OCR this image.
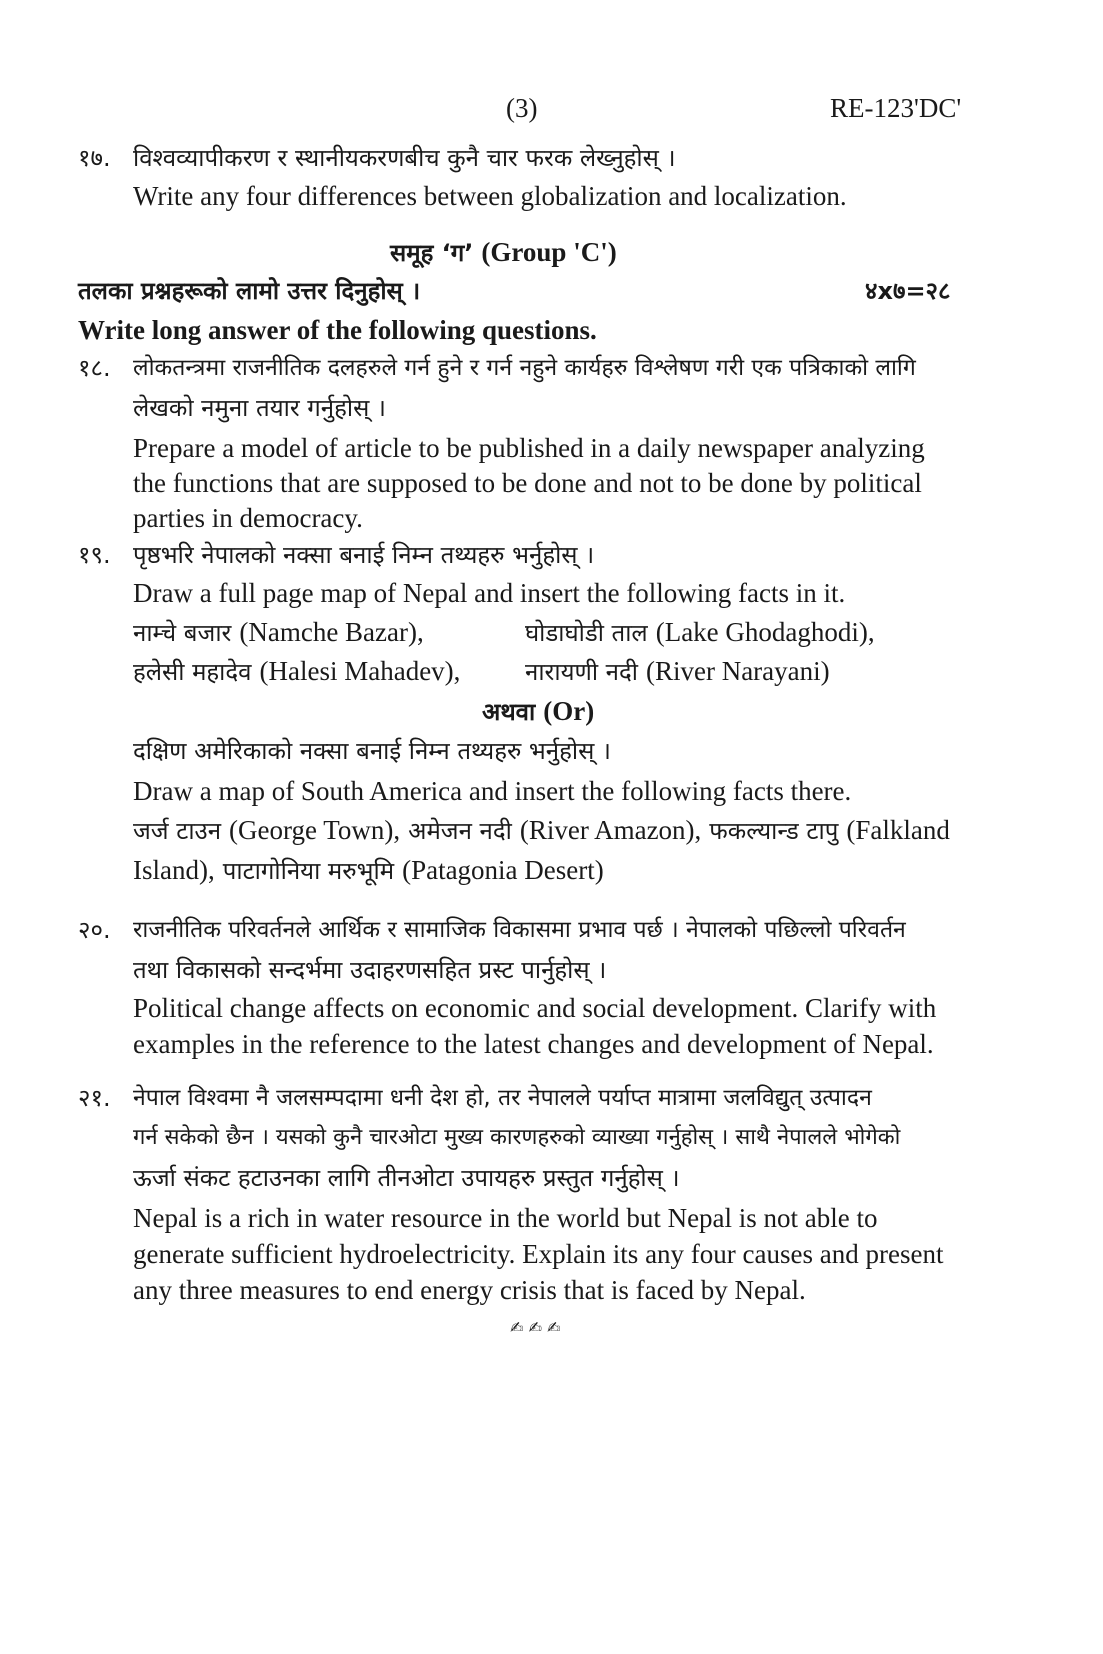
(3)	RE-123'DC'
१७. विश्वव्यापीकरण र स्थानीयकरणबीच कुनै चार फरक लेख्नुहोस् ।
Write any four differences between globalization and localization.
समूह ‘ग’ (Group 'C')
तलका प्रश्नहरूको लामो उत्तर दिनुहोस् ।	४x७=२८
Write long answer of the following questions.
१८. लोकतन्त्रमा राजनीतिक दलहरुले गर्न हुने र गर्न नहुने कार्यहरु विश्लेषण गरी एक पत्रिकाको लागि
लेखको नमुना तयार गर्नुहोस् ।
Prepare a model of article to be published in a daily newspaper analyzing
the functions that are supposed to be done and not to be done by political
parties in democracy.
१९. पृष्ठभरि नेपालको नक्सा बनाई निम्न तथ्यहरु भर्नुहोस् ।
Draw a full page map of Nepal and insert the following facts in it.
नाम्चे बजार (Namche Bazar),	घोडाघोडी ताल (Lake Ghodaghodi),
हलेसी महादेव (Halesi Mahadev),	नारायणी नदी (River Narayani)
अथवा (Or)
दक्षिण अमेरिकाको नक्सा बनाई निम्न तथ्यहरु भर्नुहोस् ।
Draw a map of South America and insert the following facts there.
जर्ज टाउन (George Town), अमेजन नदी (River Amazon), फकल्यान्ड टापु (Falkland
Island), पाटागोनिया मरुभूमि (Patagonia Desert)
२०. राजनीतिक परिवर्तनले आर्थिक र सामाजिक विकासमा प्रभाव पर्छ । नेपालको पछिल्लो परिवर्तन
तथा विकासको सन्दर्भमा उदाहरणसहित प्रस्ट पार्नुहोस् ।
Political change affects on economic and social development. Clarify with
examples in the reference to the latest changes and development of Nepal.
२१. नेपाल विश्वमा नै जलसम्पदामा धनी देश हो, तर नेपालले पर्याप्त मात्रामा जलविद्युत् उत्पादन
गर्न सकेको छैन । यसको कुनै चारओटा मुख्य कारणहरुको व्याख्या गर्नुहोस् । साथै नेपालले भोगेको
ऊर्जा संकट हटाउनका लागि तीनओटा उपायहरु प्रस्तुत गर्नुहोस् ।
Nepal is a rich in water resource in the world but Nepal is not able to
generate sufficient hydroelectricity. Explain its any four causes and present
any three measures to end energy crisis that is faced by Nepal.
✍ ✍ ✍
